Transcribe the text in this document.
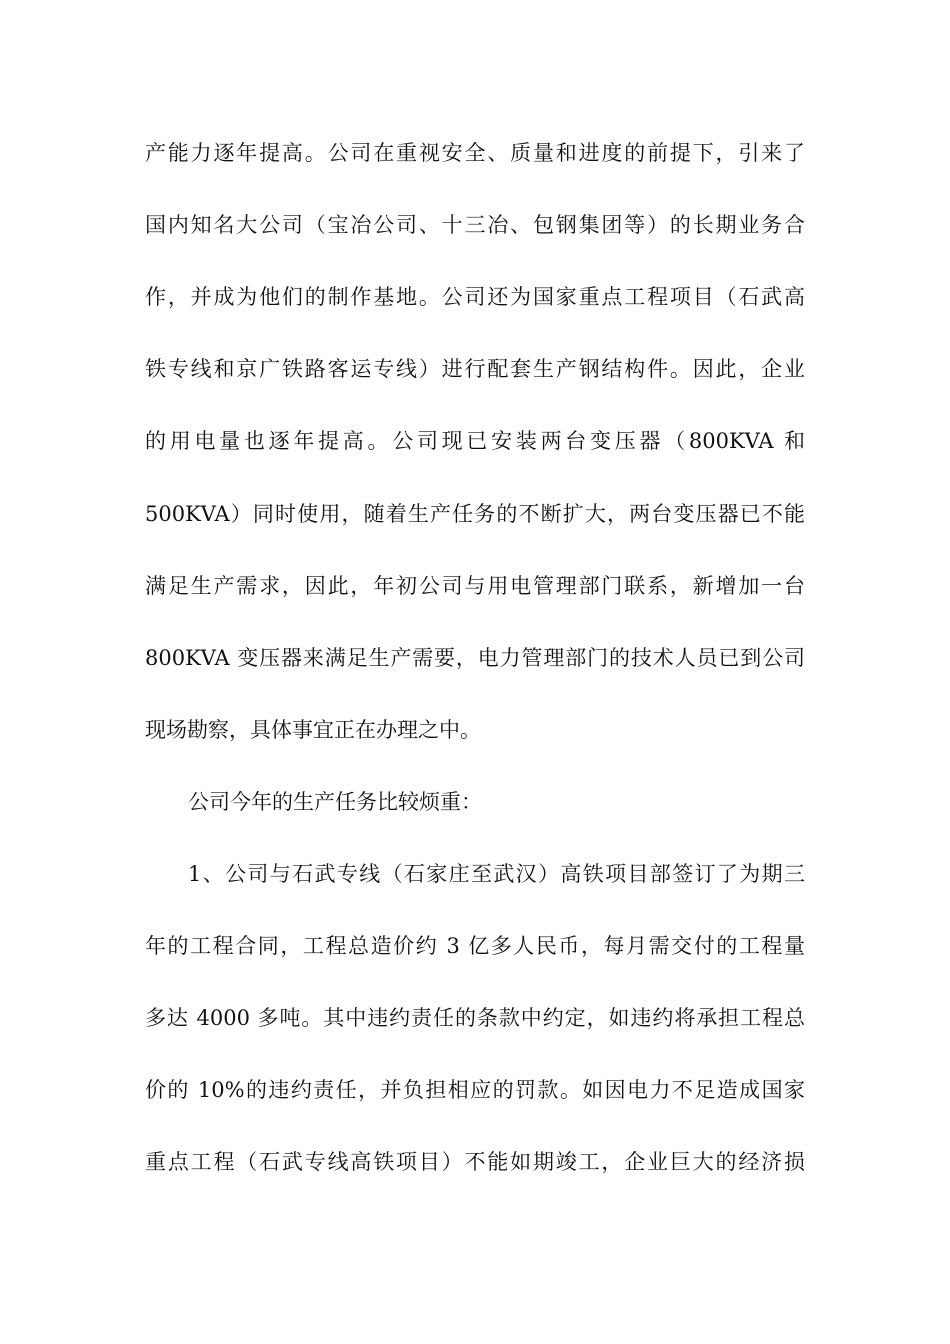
产能力逐年提高。公司在重视安全、质量和进度的前提下，引来了
国内知名大公司（宝冶公司、十三冶、包钢集团等）的长期业务合
作，并成为他们的制作基地。公司还为国家重点工程项目（石武高
铁专线和京广铁路客运专线）进行配套生产钢结构件。因此，企业
的用电量也逐年提高。公司现已安装两台变压器（800KVA 和
500KVA）同时使用，随着生产任务的不断扩大，两台变压器已不能
满足生产需求，因此，年初公司与用电管理部门联系，新增加一台
800KVA 变压器来满足生产需要，电力管理部门的技术人员已到公司
现场勘察，具体事宜正在办理之中。
公司今年的生产任务比较烦重：
1、公司与石武专线（石家庄至武汉）高铁项目部签订了为期三
年的工程合同，工程总造价约 3 亿多人民币，每月需交付的工程量
多达 4000 多吨。其中违约责任的条款中约定，如违约将承担工程总
价的 10%的违约责任，并负担相应的罚款。如因电力不足造成国家
重点工程（石武专线高铁项目）不能如期竣工，企业巨大的经济损
